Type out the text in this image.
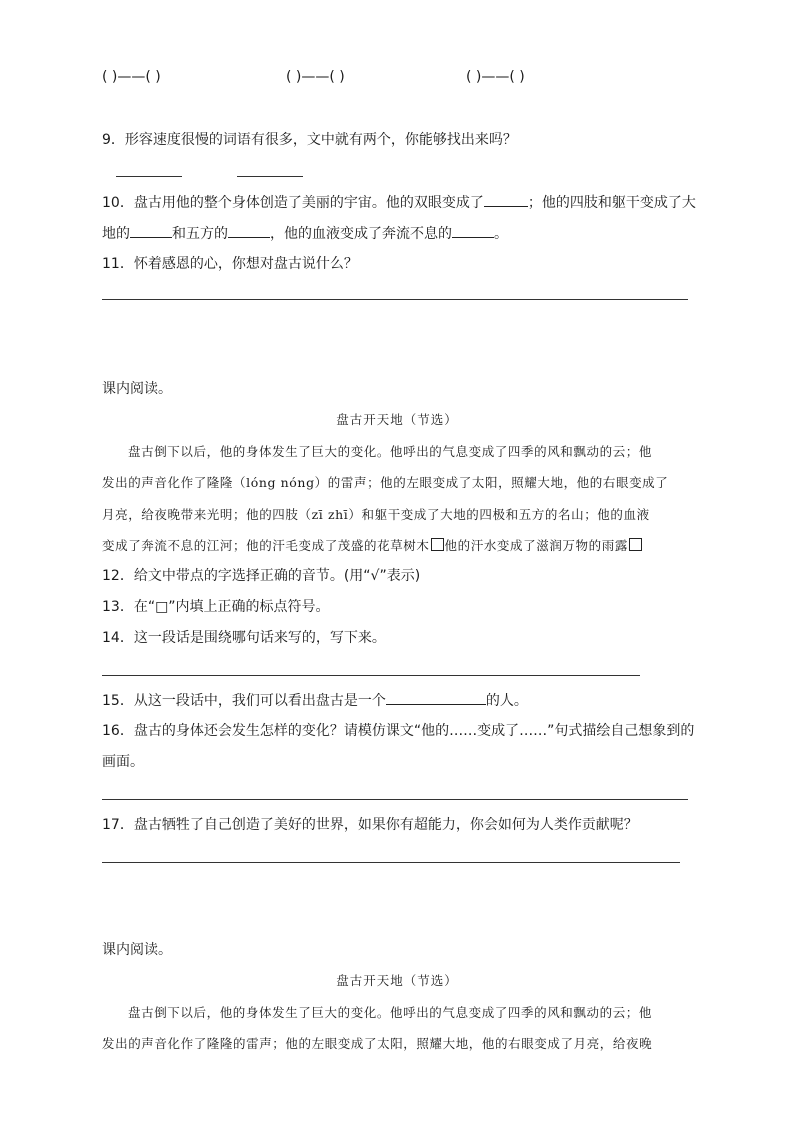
( )——( )	( )——( )	( )——( )
9．形容速度很慢的词语有很多，文中就有两个，你能够找出来吗？
10．盘古用他的整个身体创造了美丽的宇宙。他的双眼变成了	；他的四肢和躯干变成了大
地的	和五方的	，他的血液变成了奔流不息的	。
11．怀着感恩的心，你想对盘古说什么？
课内阅读。
盘古开天地（节选）
盘古倒下以后，他的身体发生了巨大的变化。他呼出的气息变成了四季的风和飘动的云；他
发出的声音化作了隆隆（lóng nóng）的雷声；他的左眼变成了太阳，照耀大地，他的右眼变成了
月亮，给夜晚带来光明；他的四肢（zī zhī）和躯干变成了大地的四极和五方的名山；他的血液
变成了奔流不息的江河；他的汗毛变成了茂盛的花草树木 他的汗水变成了滋润万物的雨露
12．给文中带点的字选择正确的音节。(用“√”表示)
13．在“□”内填上正确的标点符号。
14．这一段话是围绕哪句话来写的，写下来。
15．从这一段话中，我们可以看出盘古是一个	的人。
16．盘古的身体还会发生怎样的变化？请模仿课文“他的……变成了……”句式描绘自己想象到的
画面。
17．盘古牺牲了自己创造了美好的世界，如果你有超能力，你会如何为人类作贡献呢？
课内阅读。
盘古开天地（节选）
盘古倒下以后，他的身体发生了巨大的变化。他呼出的气息变成了四季的风和飘动的云；他
发出的声音化作了隆隆的雷声；他的左眼变成了太阳，照耀大地，他的右眼变成了月亮，给夜晚
